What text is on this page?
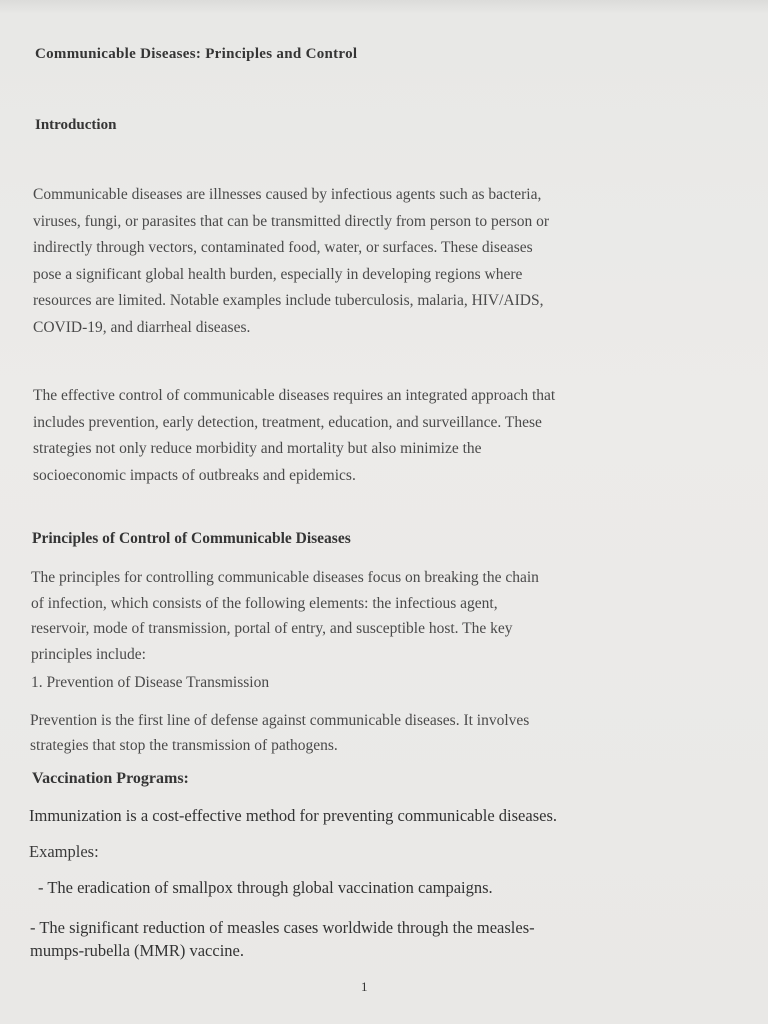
Communicable Diseases: Principles and Control
Introduction

Communicable diseases are illnesses caused by infectious agents such as bacteria,
viruses, fungi, or parasites that can be transmitted directly from person to person or
indirectly through vectors, contaminated food, water, or surfaces. These diseases
pose a significant global health burden, especially in developing regions where
resources are limited. Notable examples include tuberculosis, malaria, HIV/AIDS,
COVID-19, and diarrheal diseases.

The effective control of communicable diseases requires an integrated approach that
includes prevention, early detection, treatment, education, and surveillance. These
strategies not only reduce morbidity and mortality but also minimize the
socioeconomic impacts of outbreaks and epidemics.

Principles of Control of Communicable Diseases

The principles for controlling communicable diseases focus on breaking the chain
of infection, which consists of the following elements: the infectious agent,
reservoir, mode of transmission, portal of entry, and susceptible host. The key
principles include:

1. Prevention of Disease Transmission

Prevention is the first line of defense against communicable diseases. It involves
strategies that stop the transmission of pathogens.

Vaccination Programs:

Immunization is a cost-effective method for preventing communicable diseases.

Examples:

- The eradication of smallpox through global vaccination campaigns.

- The significant reduction of measles cases worldwide through the measles-
mumps-rubella (MMR) vaccine.

1
